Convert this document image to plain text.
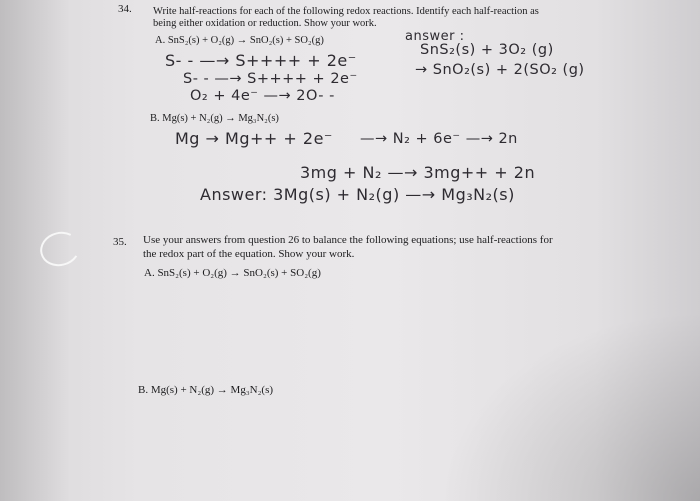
34. Write half-reactions for each of the following redox reactions. Identify each half-reaction as
being either oxidation or reduction. Show your work.
A. SnS₂(s) + O₂(g) → SnO₂(s) + SO₂(g)	answer :
SnS₂(s) + 3O₂ (g)
→ SnO₂(s) + 2(SO₂ (g)
S- - —→ S++++ + 2e⁻
S- - —→ S++++ + 2e⁻
O₂ + 4e⁻ —→ 2O- -
B. Mg(s) + N₂(g) → Mg₃N₂(s)
Mg → Mg++ + 2e⁻ —→ N₂ + 6e⁻ —→ 2n
3mg + N₂ —→ 3mg++ + 2n
Answer: 3Mg(s) + N₂(g) —→ Mg₃N₂(s)
35. Use your answers from question 26 to balance the following equations; use half-reactions for
the redox part of the equation. Show your work.
A. SnS₂(s) + O₂(g) → SnO₂(s) + SO₂(g)
B. Mg(s) + N₂(g) → Mg₃N₂(s)
